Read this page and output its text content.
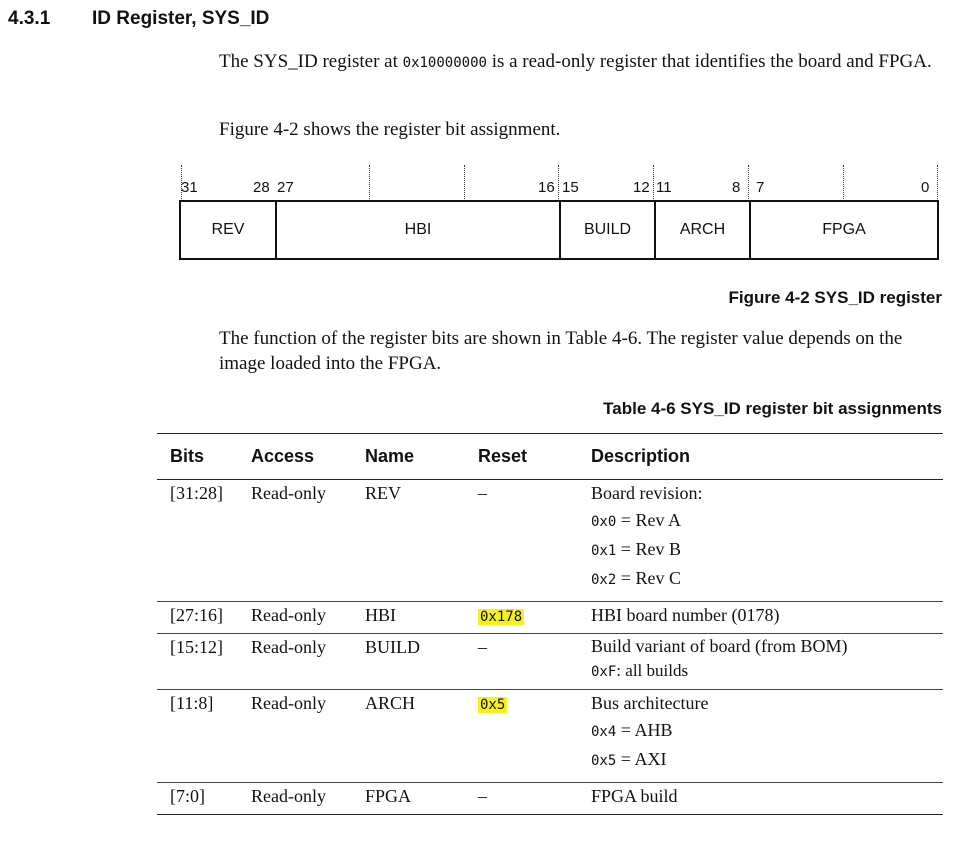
4.3.1 ID Register, SYS_ID
The SYS_ID register at 0x10000000 is a read-only register that identifies the board and FPGA.
Figure 4-2 shows the register bit assignment.
31	28 27	16 15	12 11	8 7	0
REV	HBI	BUILD	ARCH	FPGA
Figure 4-2 SYS_ID register
The function of the register bits are shown in Table 4-6. The register value depends on the image loaded into the FPGA.
Table 4-6 SYS_ID register bit assignments
Bits	Access	Name	Reset	Description
[31:28]	Read-only	REV	–	Board revision:
0x0 = Rev A
0x1 = Rev B
0x2 = Rev C

[27:16]	Read-only	HBI	0x178	HBI board number (0178)
[15:12]	Read-only	BUILD	–	Build variant of board (from BOM)
0xF: all builds

[11:8]	Read-only	ARCH	0x5	Bus architecture
0x4 = AHB
0x5 = AXI

[7:0]	Read-only	FPGA	–	FPGA build
